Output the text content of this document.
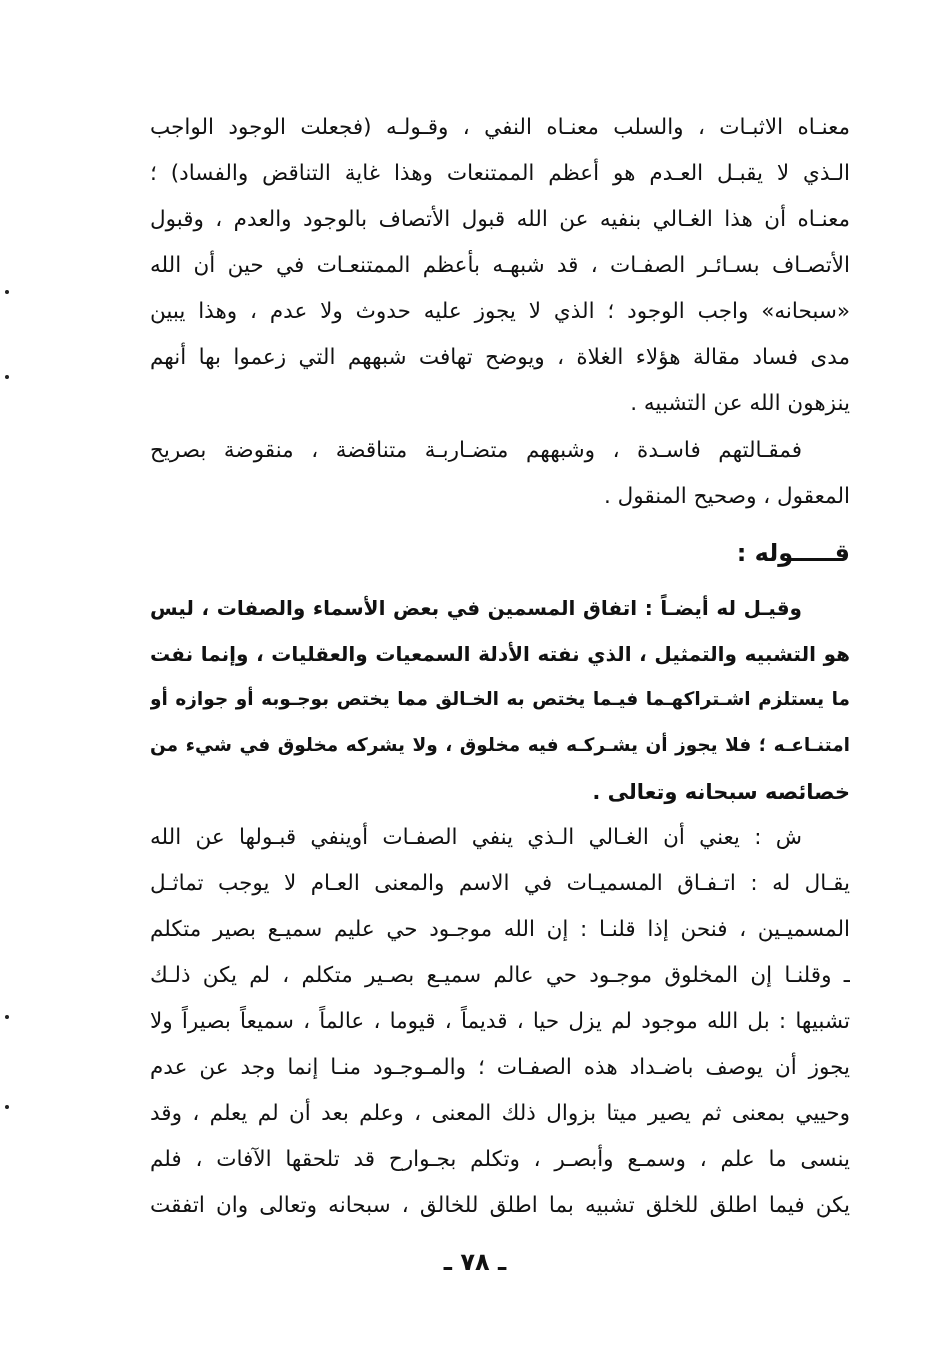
معنـاه الاثبـات ، والسلب معنـاه النفي ، وقـولـه (فجعلت الوجود الواجب
الـذي لا يقبـل العـدم هو أعظم الممتنعات وهذا غاية التناقض والفساد) ؛
معنـاه أن هذا الغـالي بنفيه عن الله قبول الأتصاف بالوجود والعدم ، وقبول
الأتصـاف بسـائـر الصفـات ، قد شبهـه بأعظم الممتنعـات في حين أن الله
«سبحانه» واجب الوجود ؛ الذي لا يجوز عليه حدوث ولا عدم ، وهذا يبين
مدى فساد مقالة هؤلاء الغلاة ، ويوضح تهافت شبههم التي زعموا بها أنهم
ينزهون الله عن التشبيه .
فمقـالتهم فاسـدة ، وشبههم متضـاربـة متناقضة ، منقوضة بصريح
المعقول ، وصحيح المنقول .
قـــــوله :
وقيـل له أيضـاً : اتفاق المسمين في بعض الأسماء والصفات ، ليس
هو التشبيه والتمثيل ، الذي نفته الأدلة السمعيات والعقليات ، وإنما نفت
ما يستلزم اشـتراكهـما فيـما يختص به الخـالق مما يختص بوجـوبه أو جوازه أو
امتنـاعـه ؛ فلا يجوز أن يشـركـه فيه مخلوق ، ولا يشركه مخلوق في شيء من
خصائصه سبحانه وتعالى .
ش : يعني أن الغـالي الـذي ينفي الصفـات أوينفي قبـولها عن الله
يقـال له : اتـفـاق المسميـات في الاسم والمعنى العـام لا يوجب تماثـل
المسميـين ، فنحن إذا قلنـا : إن الله موجـود حي عليم سميـع بصير متكلم
ـ وقلنـا إن المخلوق موجـود حي عالم سميـع بصـير متكلم ، لم يكن ذلـك
تشبيها : بل الله موجود لم يزل حيا ، قديماً ، قيوما ، عالماً ، سميعاً بصيراً ولا
يجوز أن يوصف باضـداد هذه الصفـات ؛ والمـوجـود منـا إنما وجد عن عدم
وحييي بمعنى ثم يصير ميتا بزوال ذلك المعنى ، وعلم بعد أن لم يعلم ، وقد
ينسى ما علم ، وسمـع وأبصـر ، وتكلم بجـوارح قد تلحقها الآفات ، فلم
يكن فيما اطلق للخلق تشبيه بما اطلق للخالق ، سبحانه وتعالى وان اتفقت
ـ ٧٨ ـ
